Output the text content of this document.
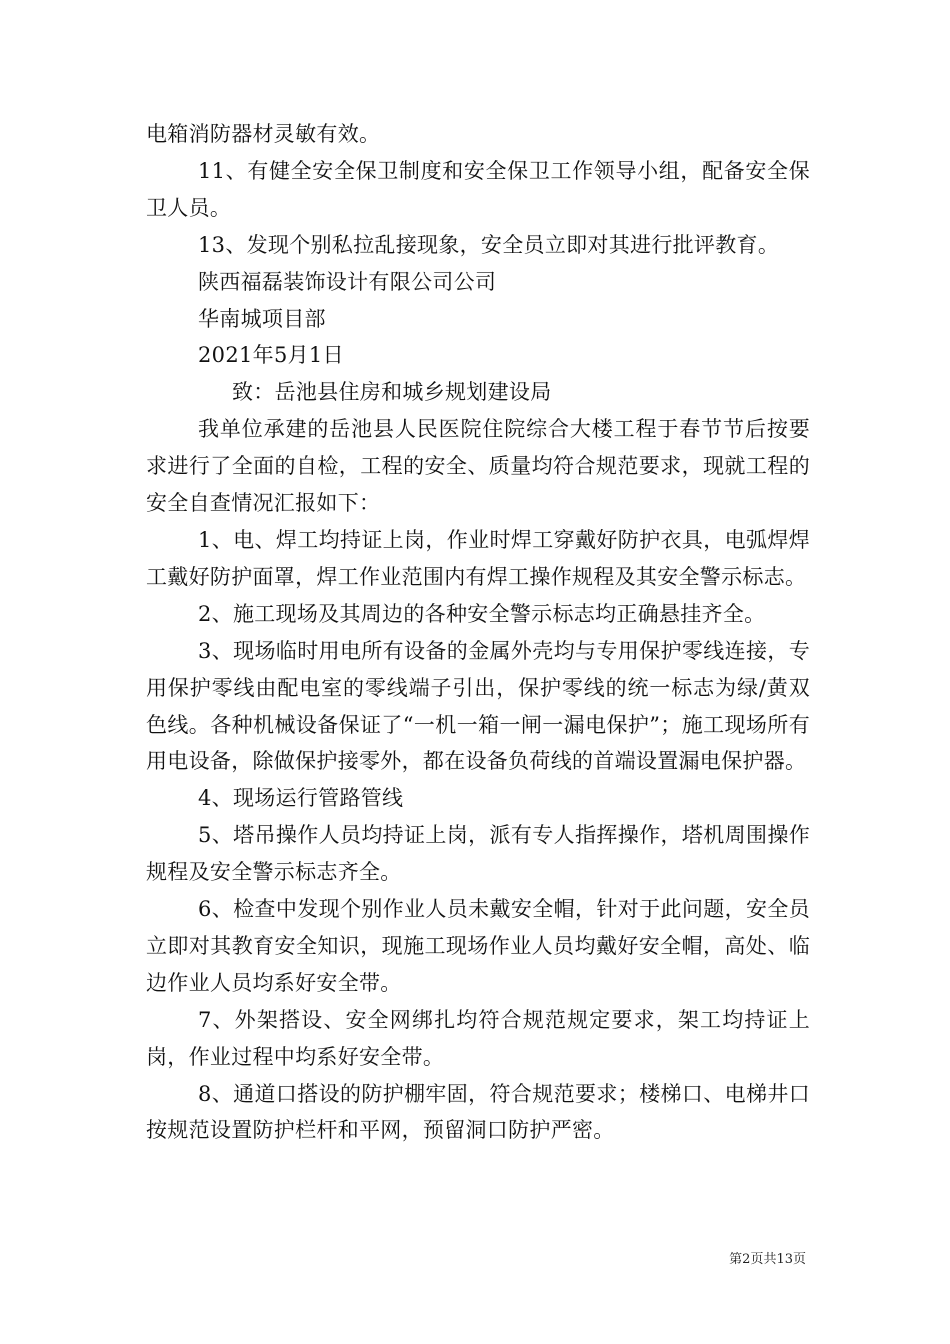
电箱消防器材灵敏有效。

11、有健全安全保卫制度和安全保卫工作领导小组，配备安全保卫人员。

13、发现个别私拉乱接现象，安全员立即对其进行批评教育。

陕西福磊装饰设计有限公司公司

华南城项目部

2021年5月1日

致：岳池县住房和城乡规划建设局

我单位承建的岳池县人民医院住院综合大楼工程于春节节后按要求进行了全面的自检，工程的安全、质量均符合规范要求，现就工程的安全自查情况汇报如下：

1、电、焊工均持证上岗，作业时焊工穿戴好防护衣具，电弧焊焊工戴好防护面罩，焊工作业范围内有焊工操作规程及其安全警示标志。

2、施工现场及其周边的各种安全警示标志均正确悬挂齐全。

3、现场临时用电所有设备的金属外壳均与专用保护零线连接，专用保护零线由配电室的零线端子引出，保护零线的统一标志为绿/黄双色线。各种机械设备保证了“一机一箱一闸一漏电保护”；施工现场所有用电设备，除做保护接零外，都在设备负荷线的首端设置漏电保护器。

4、现场运行管路管线

5、塔吊操作人员均持证上岗，派有专人指挥操作，塔机周围操作规程及安全警示标志齐全。

6、检查中发现个别作业人员未戴安全帽，针对于此问题，安全员立即对其教育安全知识，现施工现场作业人员均戴好安全帽，高处、临边作业人员均系好安全带。

7、外架搭设、安全网绑扎均符合规范规定要求，架工均持证上岗，作业过程中均系好安全带。

8、通道口搭设的防护棚牢固，符合规范要求；楼梯口、电梯井口按规范设置防护栏杆和平网，预留洞口防护严密。

第2页共13页
